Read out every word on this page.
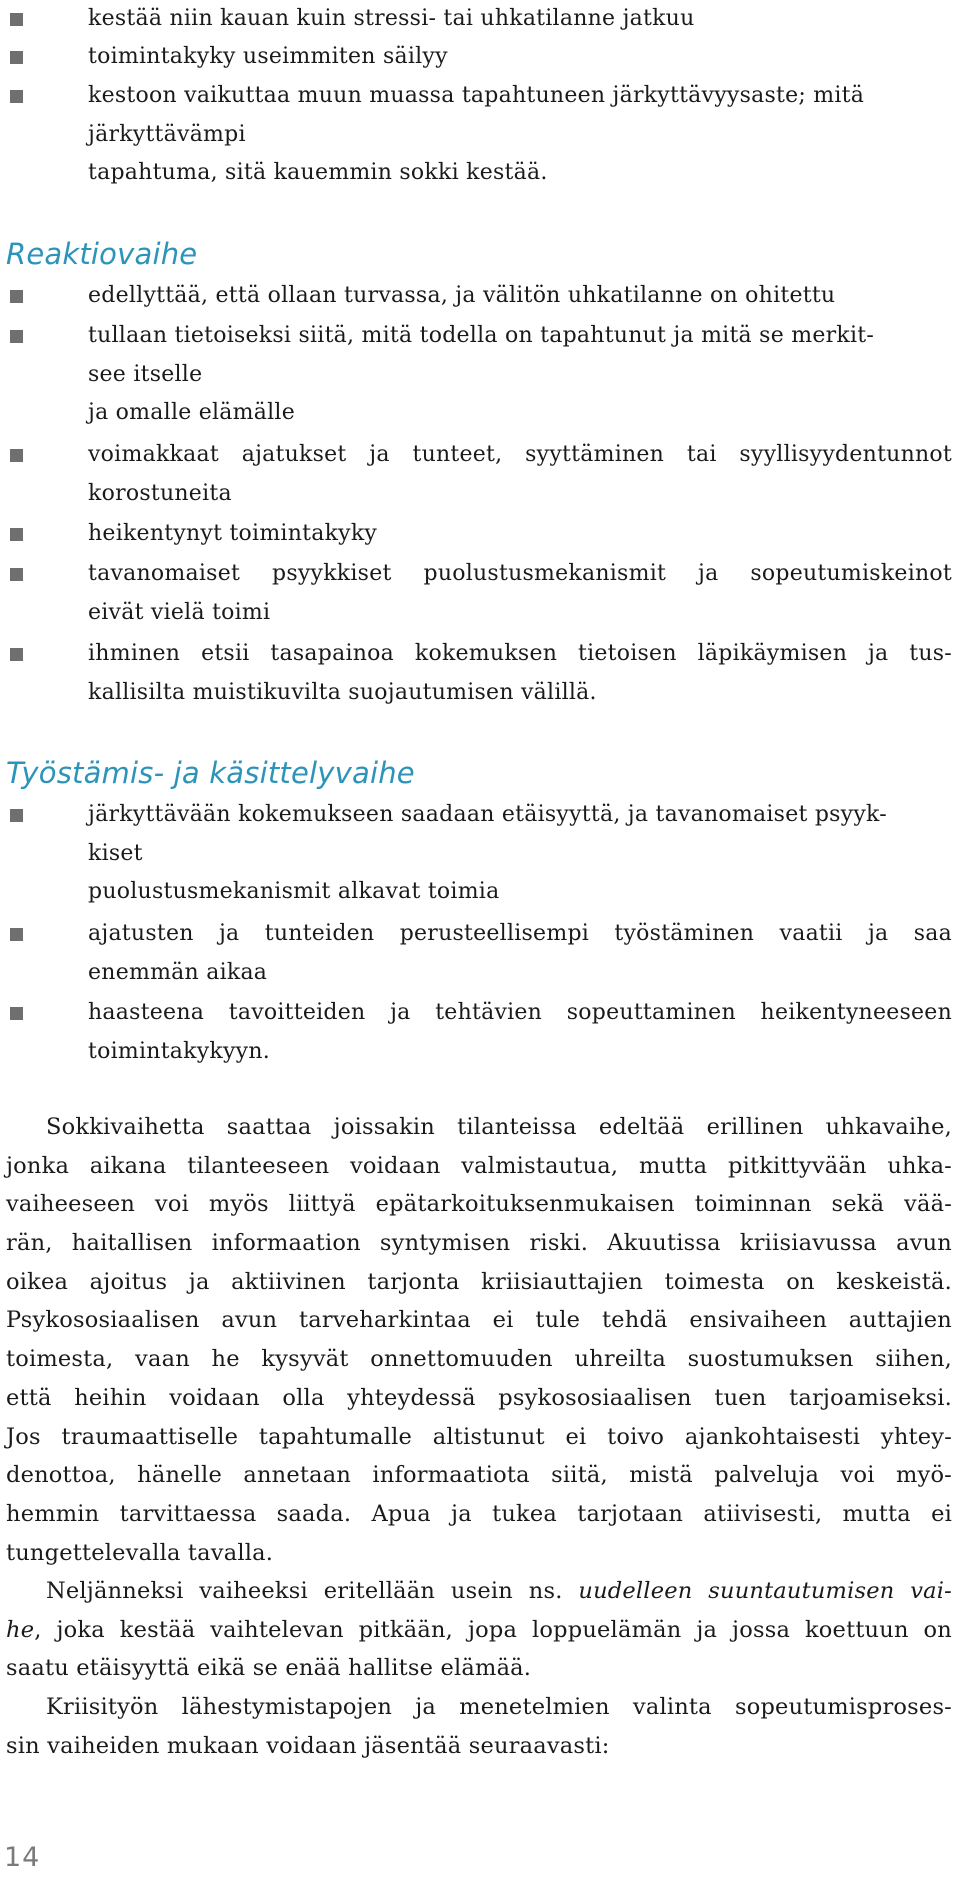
kestää niin kauan kuin stressi- tai uhkatilanne jatkuu
toimintakyky useimmiten säilyy
kestoon vaikuttaa muun muassa tapahtuneen järkyttävyysaste; mitä
järkyttävämpi
tapahtuma, sitä kauemmin sokki kestää.
Reaktiovaihe
edellyttää, että ollaan turvassa, ja välitön uhkatilanne on ohitettu
tullaan tietoiseksi siitä, mitä todella on tapahtunut ja mitä se merkit-
see itselle
ja omalle elämälle
voimakkaat ajatukset ja tunteet, syyttäminen tai syyllisyydentunnot
korostuneita
heikentynyt toimintakyky
tavanomaiset psyykkiset puolustusmekanismit ja sopeutumiskeinot
eivät vielä toimi
ihminen etsii tasapainoa kokemuksen tietoisen läpikäymisen ja tus-
kallisilta muistikuvilta suojautumisen välillä.
Työstämis- ja käsittelyvaihe
järkyttävään kokemukseen saadaan etäisyyttä, ja tavanomaiset psyyk-
kiset
puolustusmekanismit alkavat toimia
ajatusten ja tunteiden perusteellisempi työstäminen vaatii ja saa
enemmän aikaa
haasteena tavoitteiden ja tehtävien sopeuttaminen heikentyneeseen
toimintakykyyn.
Sokkivaihetta saattaa joissakin tilanteissa edeltää erillinen uhkavaihe,
jonka aikana tilanteeseen voidaan valmistautua, mutta pitkittyvään uhka-
vaiheeseen voi myös liittyä epätarkoituksenmukaisen toiminnan sekä vää-
rän, haitallisen informaation syntymisen riski. Akuutissa kriisiavussa avun
oikea ajoitus ja aktiivinen tarjonta kriisiauttajien toimesta on keskeistä.
Psykososiaalisen avun tarveharkintaa ei tule tehdä ensivaiheen auttajien
toimesta, vaan he kysyvät onnettomuuden uhreilta suostumuksen siihen,
että heihin voidaan olla yhteydessä psykososiaalisen tuen tarjoamiseksi.
Jos traumaattiselle tapahtumalle altistunut ei toivo ajankohtaisesti yhtey-
denottoa, hänelle annetaan informaatiota siitä, mistä palveluja voi myö-
hemmin tarvittaessa saada. Apua ja tukea tarjotaan atiivisesti, mutta ei
tungettelevalla tavalla.
Neljänneksi vaiheeksi eritellään usein ns. uudelleen suuntautumisen vai-
he, joka kestää vaihtelevan pitkään, jopa loppuelämän ja jossa koettuun on
saatu etäisyyttä eikä se enää hallitse elämää.
Kriisityön lähestymistapojen ja menetelmien valinta sopeutumisproses-
sin vaiheiden mukaan voidaan jäsentää seuraavasti:
14
